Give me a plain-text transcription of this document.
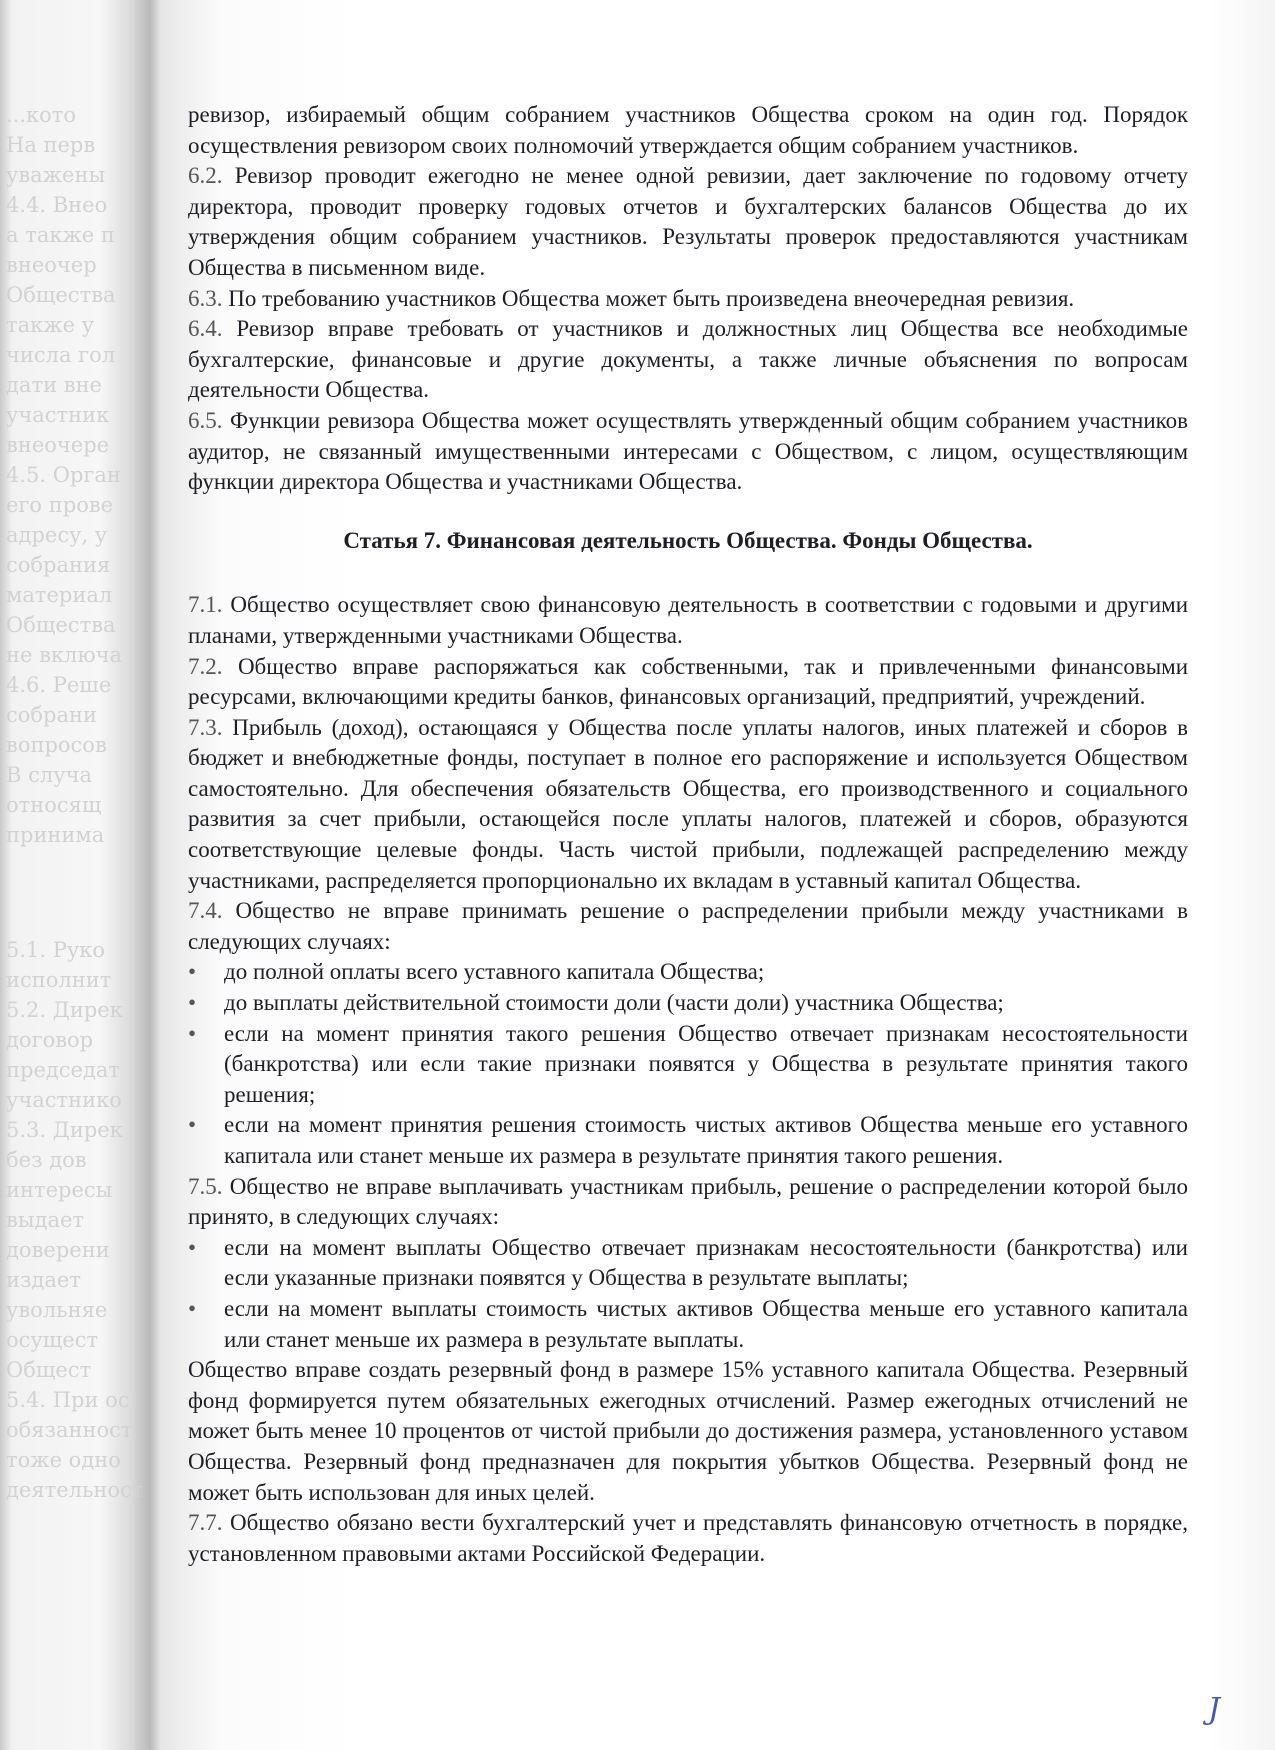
...кото
На перв
уважены
4.4. Внео
а также п
внеочер
Общества
также у
числа гол
дати вне
участник
внеочере
4.5. Орган
его прове
адресу, у
собрания
материал
Общества
не включа
4.6. Реше
собрани
вопросов
В случа
относящ
принима
5.1. Руко
исполнит
5.2. Дирек
договор
председат
участнико
5.3. Дирек
без дов
интересы
выдает
доверени
издает
увольняе
осущест
Общест
5.4. При ос
обязанност
тоже одно
деятельност

ревизор, избираемый общим собранием участников Общества сроком на один год. Порядок осуществления ревизором своих полномочий утверждается общим собранием участников.

6.2. Ревизор проводит ежегодно не менее одной ревизии, дает заключение по годовому отчету директора, проводит проверку годовых отчетов и бухгалтерских балансов Общества до их утверждения общим собранием участников. Результаты проверок предоставляются участникам Общества в письменном виде.

6.3. По требованию участников Общества может быть произведена внеочередная ревизия.

6.4. Ревизор вправе требовать от участников и должностных лиц Общества все необходимые бухгалтерские, финансовые и другие документы, а также личные объяснения по вопросам деятельности Общества.

6.5. Функции ревизора Общества может осуществлять утвержденный общим собранием участников аудитор, не связанный имущественными интересами с Обществом, с лицом, осуществляющим функции директора Общества и участниками Общества.

Статья 7. Финансовая деятельность Общества. Фонды Общества.

7.1. Общество осуществляет свою финансовую деятельность в соответствии с годовыми и другими планами, утвержденными участниками Общества.

7.2. Общество вправе распоряжаться как собственными, так и привлеченными финансовыми ресурсами, включающими кредиты банков, финансовых организаций, предприятий, учреждений.

7.3. Прибыль (доход), остающаяся у Общества после уплаты налогов, иных платежей и сборов в бюджет и внебюджетные фонды, поступает в полное его распоряжение и используется Обществом самостоятельно. Для обеспечения обязательств Общества, его производственного и социального развития за счет прибыли, остающейся после уплаты налогов, платежей и сборов, образуются соответствующие целевые фонды. Часть чистой прибыли, подлежащей распределению между участниками, распределяется пропорционально их вкладам в уставный капитал Общества.

7.4. Общество не вправе принимать решение о распределении прибыли между участниками в следующих случаях:

• до полной оплаты всего уставного капитала Общества;

• до выплаты действительной стоимости доли (части доли) участника Общества;

• если на момент принятия такого решения Общество отвечает признакам несостоятельности (банкротства) или если такие признаки появятся у Общества в результате принятия такого решения;

• если на момент принятия решения стоимость чистых активов Общества меньше его уставного капитала или станет меньше их размера в результате принятия такого решения.

7.5. Общество не вправе выплачивать участникам прибыль, решение о распределении которой было принято, в следующих случаях:

• если на момент выплаты Общество отвечает признакам несостоятельности (банкротства) или если указанные признаки появятся у Общества в результате выплаты;

• если на момент выплаты стоимость чистых активов Общества меньше его уставного капитала или станет меньше их размера в результате выплаты.

Общество вправе создать резервный фонд в размере 15% уставного капитала Общества. Резервный фонд формируется путем обязательных ежегодных отчислений. Размер ежегодных отчислений не может быть менее 10 процентов от чистой прибыли до достижения размера, установленного уставом Общества. Резервный фонд предназначен для покрытия убытков Общества. Резервный фонд не может быть использован для иных целей.

7.7. Общество обязано вести бухгалтерский учет и представлять финансовую отчетность в порядке, установленном правовыми актами Российской Федерации.

Ϳ
